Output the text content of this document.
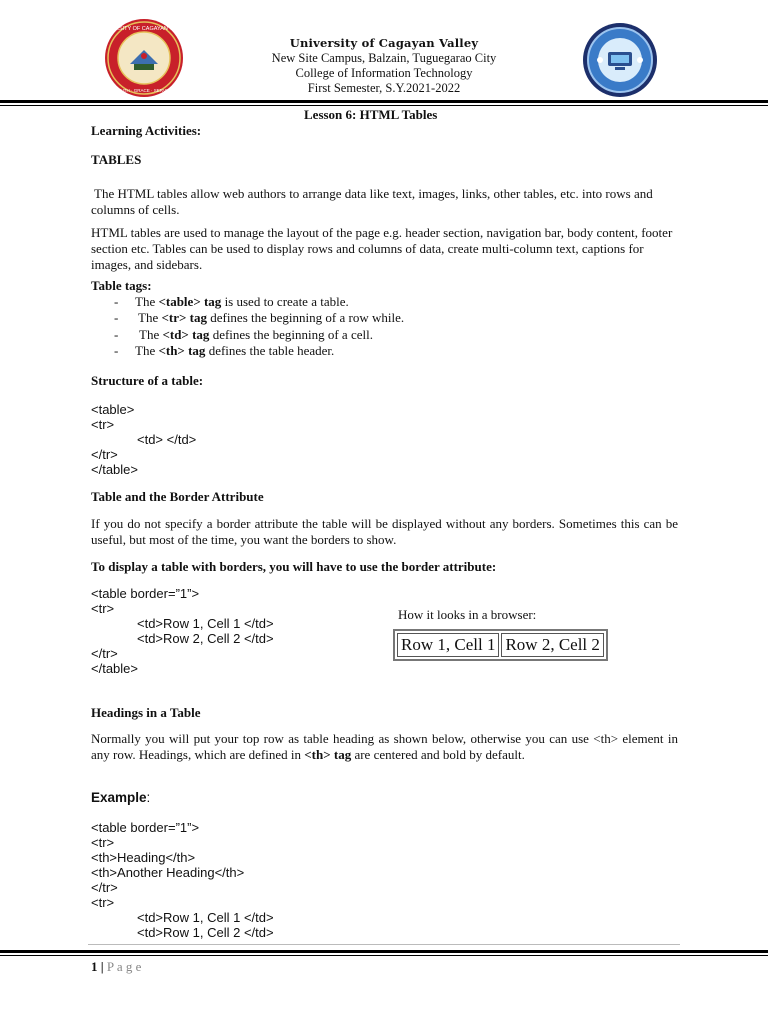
UNIVERSITY OF CAGAYAN VALLEY
TRUTH · GRACE · SERVICE
University of Cagayan Valley
New Site Campus, Balzain, Tuguegarao City
College of Information Technology
First Semester, S.Y.2021-2022
Lesson 6: HTML Tables
Learning Activities:
TABLES
The HTML tables allow web authors to arrange data like text, images, links, other tables, etc. into rows and columns of cells.
HTML tables are used to manage the layout of the page e.g. header section, navigation bar, body content, footer section etc. Tables can be used to display rows and columns of data, create multi-column text, captions for images, and sidebars.
Table tags:
- The <table> tag is used to create a table.
- The <tr> tag defines the beginning of a row while.
- The <td> tag defines the beginning of a cell.
- The <th> tag defines the table header.
Structure of a table:
<table>
<tr>
<td> </td>
</tr>
</table>
Table and the Border Attribute
If you do not specify a border attribute the table will be displayed without any borders. Sometimes this can be useful, but most of the time, you want the borders to show.
To display a table with borders, you will have to use the border attribute:
<table border=”1”>
<tr>
<td>Row 1, Cell 1 </td>
<td>Row 2, Cell 2 </td>
</tr>
</table>
How it looks in a browser:
Row 1, Cell 1	Row 2, Cell 2
Headings in a Table
Normally you will put your top row as table heading as shown below, otherwise you can use <th> element in any row. Headings, which are defined in <th> tag are centered and bold by default.
Example:
<table border=”1”>
<tr>
<th>Heading</th>
<th>Another Heading</th>
</tr>
<tr>
<td>Row 1, Cell 1 </td>
<td>Row 1, Cell 2 </td>
1 | P a g e
